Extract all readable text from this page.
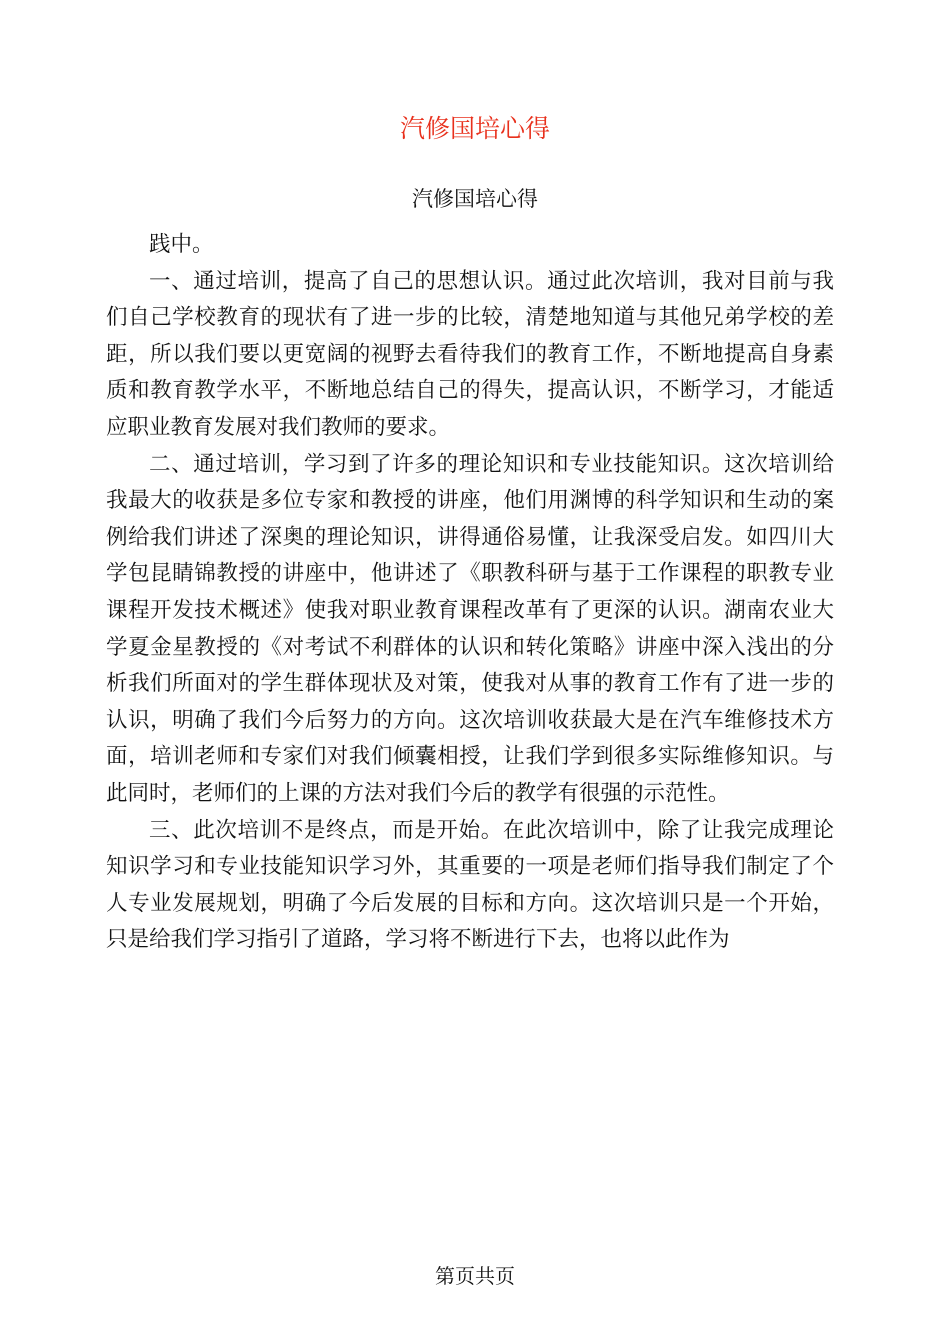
汽修国培心得
汽修国培心得

践中。

一、通过培训，提高了自己的思想认识。通过此次培训，我对目前与我们自己学校教育的现状有了进一步的比较，清楚地知道与其他兄弟学校的差距，所以我们要以更宽阔的视野去看待我们的教育工作，不断地提高自身素质和教育教学水平，不断地总结自己的得失，提高认识，不断学习，才能适应职业教育发展对我们教师的要求。

二、通过培训，学习到了许多的理论知识和专业技能知识。这次培训给我最大的收获是多位专家和教授的讲座，他们用渊博的科学知识和生动的案例给我们讲述了深奥的理论知识，讲得通俗易懂，让我深受启发。如四川大学包昆睛锦教授的讲座中，他讲述了《职教科研与基于工作课程的职教专业课程开发技术概述》使我对职业教育课程改革有了更深的认识。湖南农业大学夏金星教授的《对考试不利群体的认识和转化策略》讲座中深入浅出的分析我们所面对的学生群体现状及对策，使我对从事的教育工作有了进一步的认识，明确了我们今后努力的方向。这次培训收获最大是在汽车维修技术方面，培训老师和专家们对我们倾囊相授，让我们学到很多实际维修知识。与此同时，老师们的上课的方法对我们今后的教学有很强的示范性。

三、此次培训不是终点，而是开始。在此次培训中，除了让我完成理论知识学习和专业技能知识学习外，其重要的一项是老师们指导我们制定了个人专业发展规划，明确了今后发展的目标和方向。这次培训只是一个开始，只是给我们学习指引了道路，学习将不断进行下去，也将以此作为

第页共页
